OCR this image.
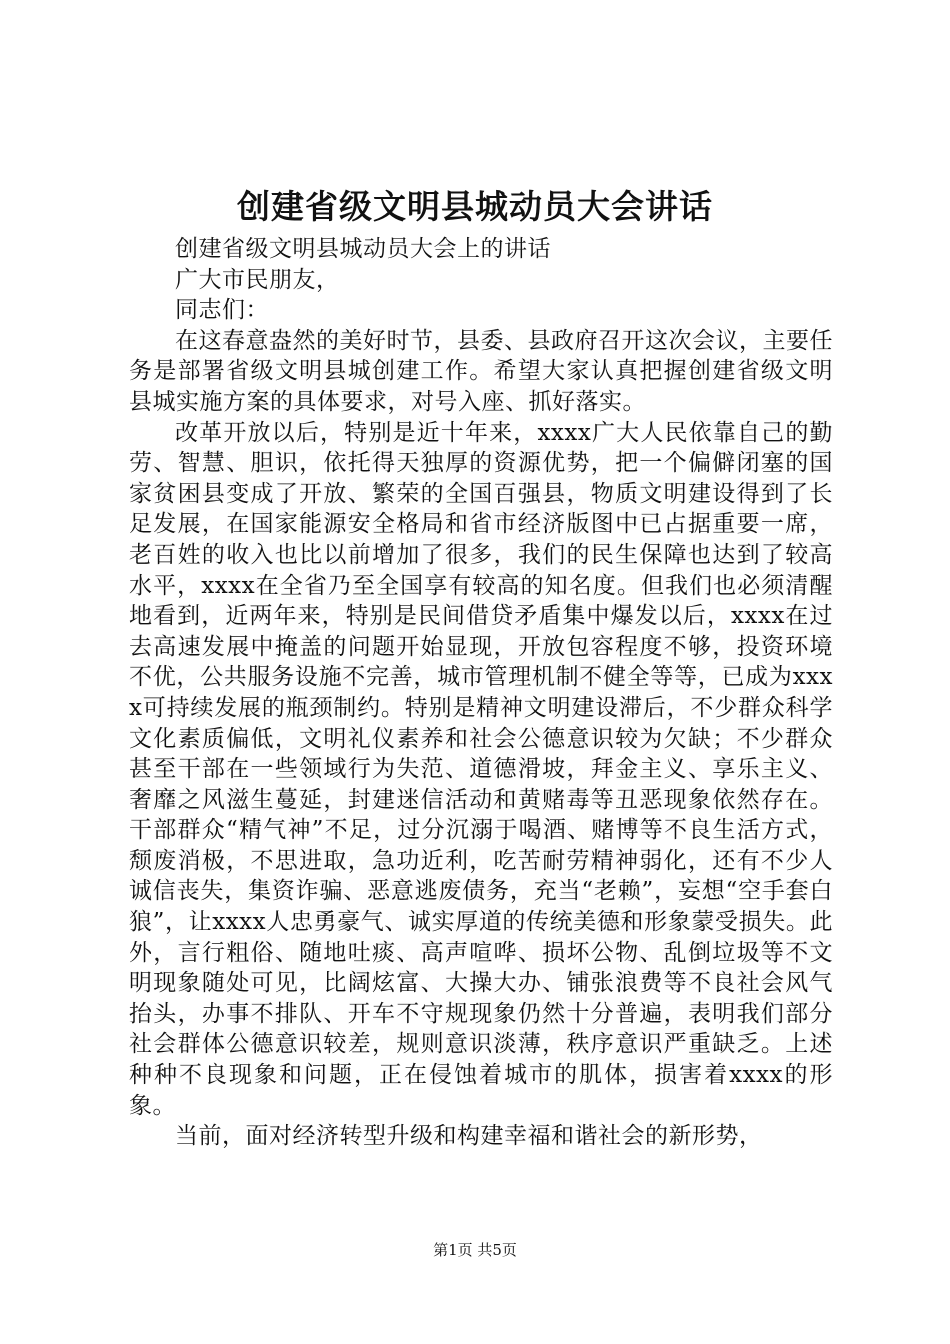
创建省级文明县城动员大会讲话

创建省级文明县城动员大会上的讲话

广大市民朋友，

同志们：

在这春意盎然的美好时节，县委、县政府召开这次会议，主要任务是部署省级文明县城创建工作。希望大家认真把握创建省级文明县城实施方案的具体要求，对号入座、抓好落实。

改革开放以后，特别是近十年来，xxxx广大人民依靠自己的勤劳、智慧、胆识，依托得天独厚的资源优势，把一个偏僻闭塞的国家贫困县变成了开放、繁荣的全国百强县，物质文明建设得到了长足发展，在国家能源安全格局和省市经济版图中已占据重要一席，老百姓的收入也比以前增加了很多，我们的民生保障也达到了较高水平，xxxx在全省乃至全国享有较高的知名度。但我们也必须清醒地看到，近两年来，特别是民间借贷矛盾集中爆发以后，xxxx在过去高速发展中掩盖的问题开始显现，开放包容程度不够，投资环境不优，公共服务设施不完善，城市管理机制不健全等等，已成为xxxx可持续发展的瓶颈制约。特别是精神文明建设滞后，不少群众科学文化素质偏低，文明礼仪素养和社会公德意识较为欠缺；不少群众甚至干部在一些领域行为失范、道德滑坡，拜金主义、享乐主义、奢靡之风滋生蔓延，封建迷信活动和黄赌毒等丑恶现象依然存在。干部群众“精气神”不足，过分沉溺于喝酒、赌博等不良生活方式，颓废消极，不思进取，急功近利，吃苦耐劳精神弱化，还有不少人诚信丧失，集资诈骗、恶意逃废债务，充当“老赖”，妄想“空手套白狼”，让xxxx人忠勇豪气、诚实厚道的传统美德和形象蒙受损失。此外，言行粗俗、随地吐痰、高声喧哗、损坏公物、乱倒垃圾等不文明现象随处可见，比阔炫富、大操大办、铺张浪费等不良社会风气抬头，办事不排队、开车不守规现象仍然十分普遍，表明我们部分社会群体公德意识较差，规则意识淡薄，秩序意识严重缺乏。上述种种不良现象和问题，正在侵蚀着城市的肌体，损害着xxxx的形象。

当前，面对经济转型升级和构建幸福和谐社会的新形势，

第1页 共5页
